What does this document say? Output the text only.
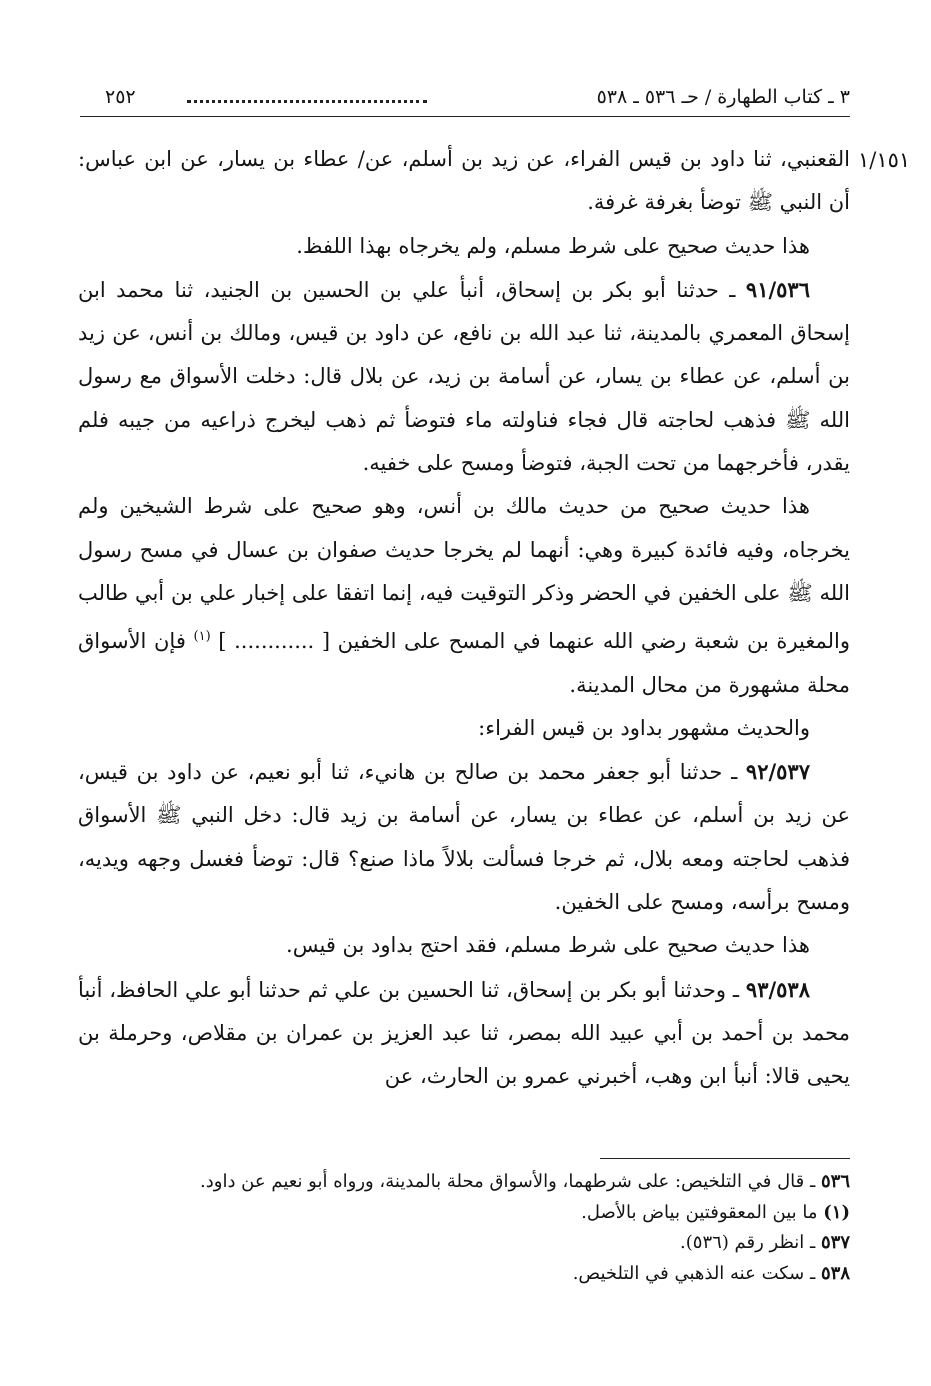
٢٥٢	٣ ـ كتاب الطهارة / حـ ٥٣٦ ـ ٥٣٨
١/١٥١

القعنبي، ثنا داود بن قيس الفراء، عن زيد بن أسلم، عن/ عطاء بن يسار، عن ابن عباس: أن النبي ﷺ توضأ بغرفة غرفة.

هذا حديث صحيح على شرط مسلم، ولم يخرجاه بهذا اللفظ.

٩١/٥٣٦ ـ حدثنا أبو بكر بن إسحاق، أنبأ علي بن الحسين بن الجنيد، ثنا محمد ابن إسحاق المعمري بالمدينة، ثنا عبد الله بن نافع، عن داود بن قيس، ومالك بن أنس، عن زيد بن أسلم، عن عطاء بن يسار، عن أسامة بن زيد، عن بلال قال: دخلت الأسواق مع رسول الله ﷺ فذهب لحاجته قال فجاء فناولته ماء فتوضأ ثم ذهب ليخرج ذراعيه من جيبه فلم يقدر، فأخرجهما من تحت الجبة، فتوضأ ومسح على خفيه.

هذا حديث صحيح من حديث مالك بن أنس، وهو صحيح على شرط الشيخين ولم يخرجاه، وفيه فائدة كبيرة وهي: أنهما لم يخرجا حديث صفوان بن عسال في مسح رسول الله ﷺ على الخفين في الحضر وذكر التوقيت فيه، إنما اتفقا على إخبار علي بن أبي طالب والمغيرة بن شعبة رضي الله عنهما في المسح على الخفين [ ............ ] $^{(١)}$ فإن الأسواق محلة مشهورة من محال المدينة.

والحديث مشهور بداود بن قيس الفراء:

٩٢/٥٣٧ ـ حدثنا أبو جعفر محمد بن صالح بن هانيء، ثنا أبو نعيم، عن داود بن قيس، عن زيد بن أسلم، عن عطاء بن يسار، عن أسامة بن زيد قال: دخل النبي ﷺ الأسواق فذهب لحاجته ومعه بلال، ثم خرجا فسألت بلالاً ماذا صنع؟ قال: توضأ فغسل وجهه ويديه، ومسح برأسه، ومسح على الخفين.

هذا حديث صحيح على شرط مسلم، فقد احتج بداود بن قيس.

٩٣/٥٣٨ ـ وحدثنا أبو بكر بن إسحاق، ثنا الحسين بن علي ثم حدثنا أبو علي الحافظ، أنبأ محمد بن أحمد بن أبي عبيد الله بمصر، ثنا عبد العزيز بن عمران بن مقلاص، وحرملة بن يحيى قالا: أنبأ ابن وهب، أخبرني عمرو بن الحارث، عن

٥٣٦ ـ قال في التلخيص: على شرطهما، والأسواق محلة بالمدينة، ورواه أبو نعيم عن داود.

(١) ما بين المعقوفتين بياض بالأصل.

٥٣٧ ـ انظر رقم (٥٣٦).

٥٣٨ ـ سكت عنه الذهبي في التلخيص.
